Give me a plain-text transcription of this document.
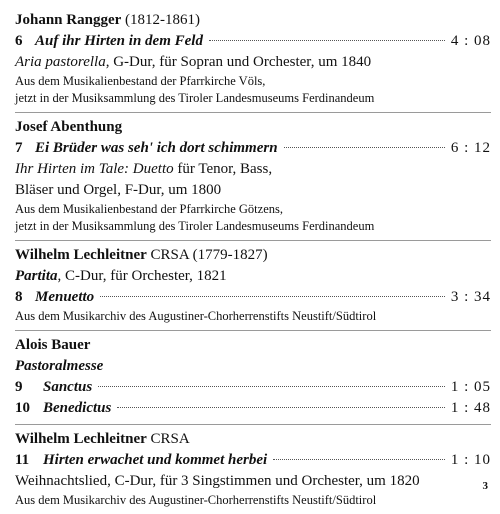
Johann Rangger (1812-1861)
6 Auf ihr Hirten in dem Feld	4 : 08
Aria pastorella, G-Dur, für Sopran und Orchester, um 1840
Aus dem Musikalienbestand der Pfarrkirche Völs,
jetzt in der Musiksammlung des Tiroler Landesmuseums Ferdinandeum
Josef Abenthung
7 Ei Brüder was seh' ich dort schimmern	6 : 12
Ihr Hirten im Tale: Duetto für Tenor, Bass,
Bläser und Orgel, F-Dur, um 1800
Aus dem Musikalienbestand der Pfarrkirche Götzens,
jetzt in der Musiksammlung des Tiroler Landesmuseums Ferdinandeum
Wilhelm Lechleitner CRSA (1779-1827)
Partita, C-Dur, für Orchester, 1821
8 Menuetto	3 : 34
Aus dem Musikarchiv des Augustiner-Chorherrenstifts Neustift/Südtirol
Alois Bauer
Pastoralmesse
9	Sanctus	1 : 05
10 Benedictus	1 : 48
Wilhelm Lechleitner CRSA
11 Hirten erwachet und kommet herbei	1 : 10
Weihnachtslied, C-Dur, für 3 Singstimmen und Orchester, um 1820
Aus dem Musikarchiv des Augustiner-Chorherrenstifts Neustift/Südtirol
3
